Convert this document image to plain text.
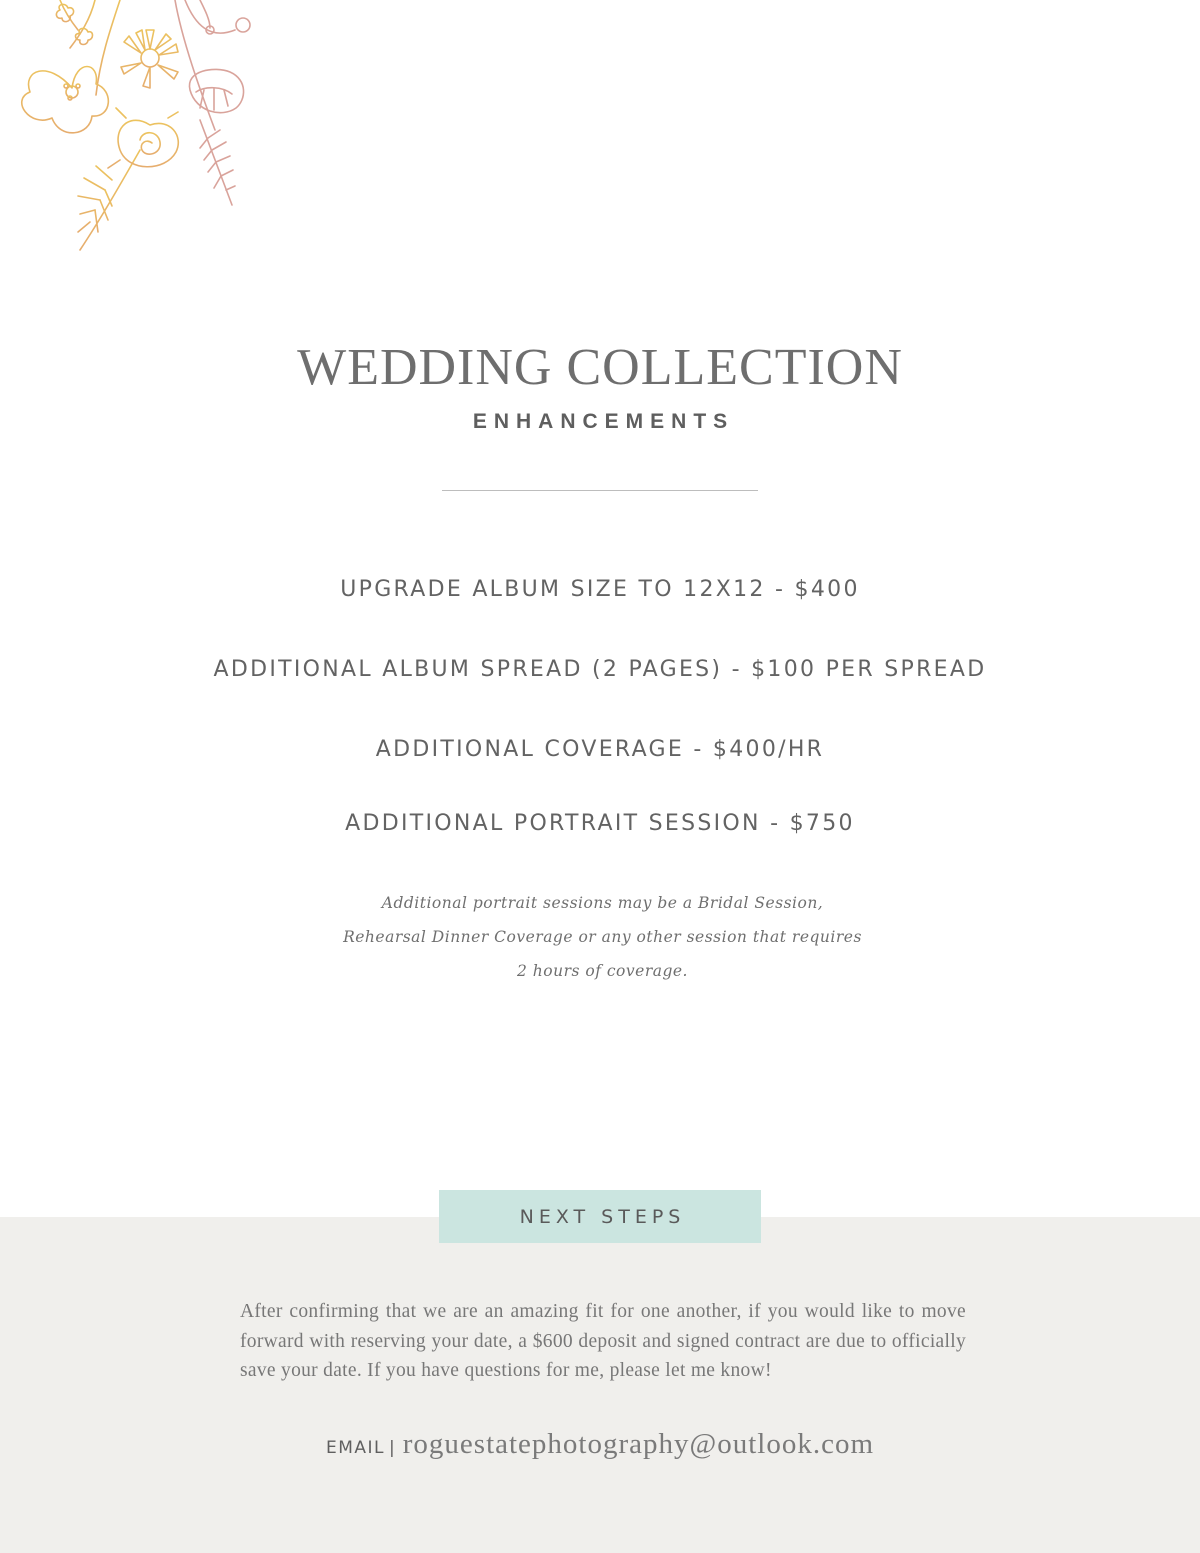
WEDDING COLLECTION
ENHANCEMENTS
UPGRADE ALBUM SIZE TO 12X12 - $400
ADDITIONAL ALBUM SPREAD (2 PAGES) - $100 PER SPREAD
ADDITIONAL COVERAGE - $400/HR
ADDITIONAL PORTRAIT SESSION - $750
Additional portrait sessions may be a Bridal Session, Rehearsal Dinner Coverage or any other session that requires 2 hours of coverage.
NEXT STEPS
After confirming that we are an amazing fit for one another, if you would like to move forward with reserving your date, a $600 deposit and signed contract are due to officially save your date. If you have questions for me, please let me know!
EMAIL | roguestatephotography@outlook.com
